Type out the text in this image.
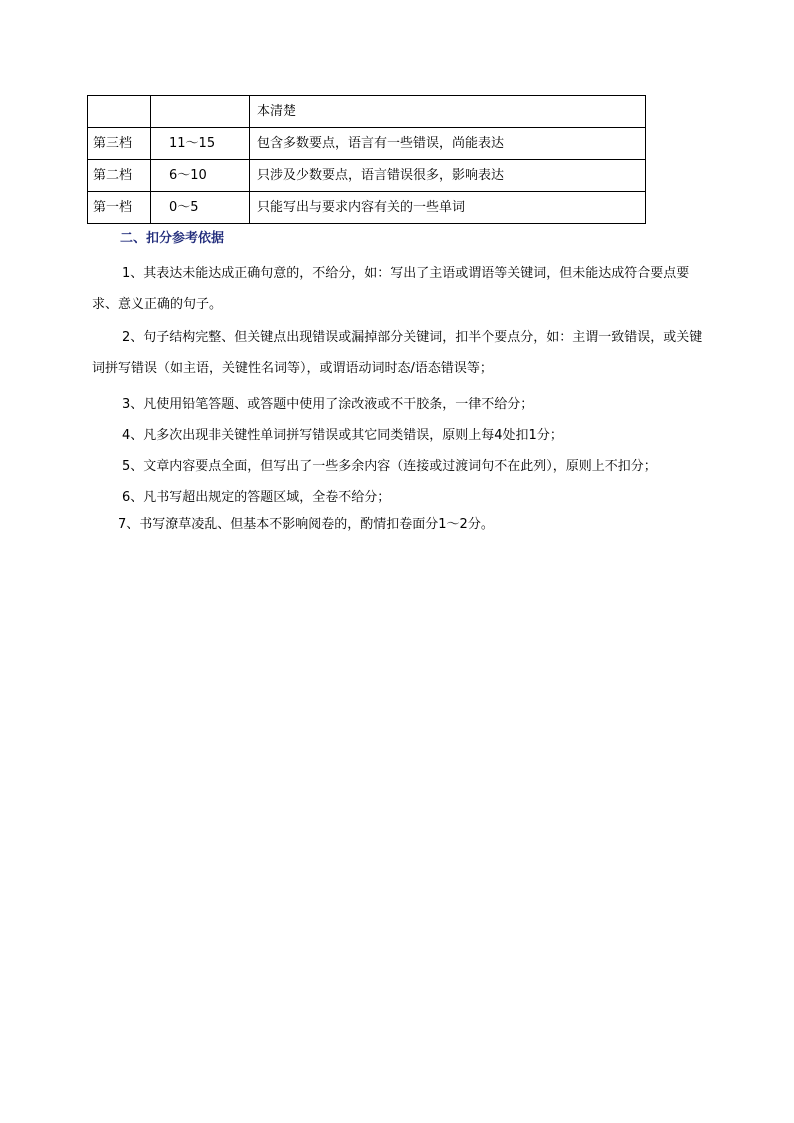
		本清楚
第三档	11～15	包含多数要点，语言有一些错误，尚能表达
第二档	6～10	只涉及少数要点，语言错误很多，影响表达
第一档	0～5	只能写出与要求内容有关的一些单词
二、扣分参考依据

1、其表达未能达成正确句意的，不给分，如：写出了主语或谓语等关键词，但未能达成符合要点要求、意义正确的句子。

2、句子结构完整、但关键点出现错误或漏掉部分关键词，扣半个要点分，如：主谓一致错误，或关键词拼写错误（如主语，关键性名词等），或谓语动词时态/语态错误等；

3、凡使用铅笔答题、或答题中使用了涂改液或不干胶条，一律不给分；

4、凡多次出现非关键性单词拼写错误或其它同类错误，原则上每4处扣1分；

5、文章内容要点全面，但写出了一些多余内容（连接或过渡词句不在此列），原则上不扣分；

6、凡书写超出规定的答题区域，全卷不给分；

7、书写潦草凌乱、但基本不影响阅卷的，酌情扣卷面分1～2分。
